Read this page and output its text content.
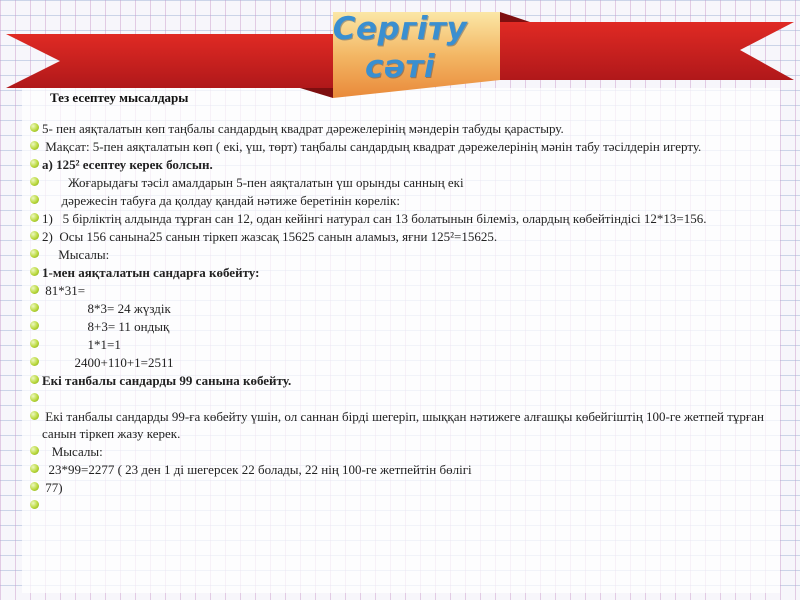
Сергіту
сәті
Тез есептеу мысалдары
5- пен аяқталатын көп таңбалы сандардың квадрат дәрежелерінің мәндерін табуды қарастыру.
Мақсат: 5-пен аяқталатын көп ( екі, үш, төрт) таңбалы сандардың квадрат дәрежелерінің мәнін табу тәсілдерін игерту.
а) 125² есептеу керек болсын.
Жоғарыдағы тәсіл амалдарын 5-пен аяқталатын үш орынды санның екі
дәрежесін табуға да қолдау қандай нәтиже беретінін көрелік:
1)   5 бірліктің алдында тұрған сан 12, одан кейінгі натурал сан 13 болатынын білеміз, олардың көбейтіндісі 12*13=156.
2)  Осы 156 санына25 санын тіркеп жазсақ 15625 санын аламыз, яғни 125²=15625.
Мысалы:
1-мен аяқталатын сандарға көбейту:
81*31=
8*3= 24 жүздік
8+3= 11 ондық
1*1=1
2400+110+1=2511
Екі танбалы сандарды 99 санына көбейту.
Екі танбалы сандарды 99-ға көбейту үшін, ол саннан бірді шегеріп, шыққан нәтижеге алғашқы көбейгіштің 100-ге жетпей тұрған санын тіркеп жазу керек.
Мысалы:
23*99=2277 ( 23 ден 1 ді шегерсек 22 болады, 22 нің 100-ге жетпейтін бөлігі
77)
